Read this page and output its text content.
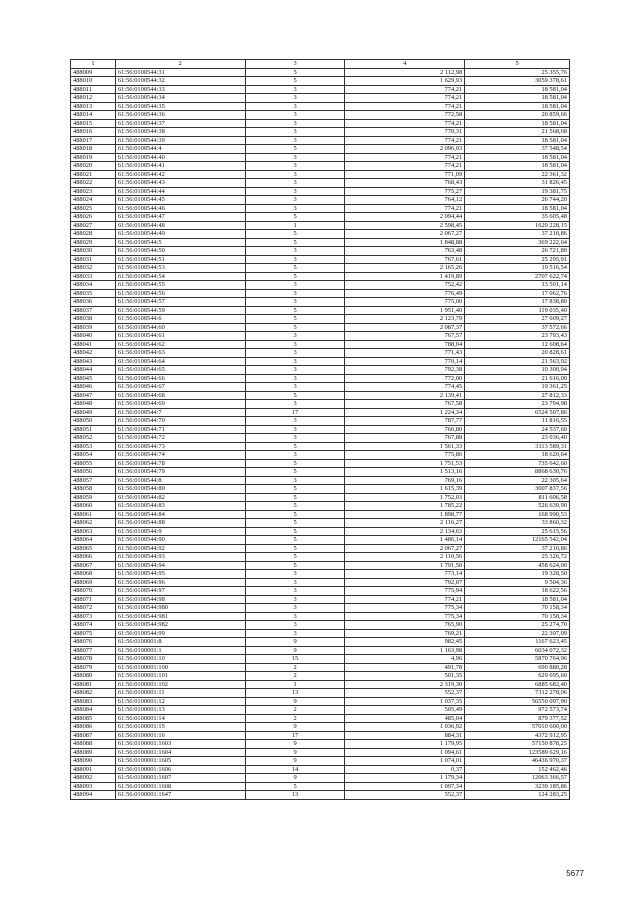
1	2	3	4	5
488009	61:56:0100544:31	5	2 112,98	25 355,76
488010	61:56:0100544:32	5	1 629,93	3059 378,61
488011	61:56:0100544:33	3	774,21	18 581,04
488012	61:56:0100544:34	3	774,21	18 581,04
488013	61:56:0100544:35	3	774,21	18 581,04
488014	61:56:0100544:36	3	772,58	20 859,66
488015	61:56:0100544:37	3	774,21	18 581,04
488016	61:56:0100544:38	3	770,31	21 568,68
488017	61:56:0100544:39	3	774,21	18 581,04
488018	61:56:0100544:4	5	2 096,03	37 548,54
488019	61:56:0100544:40	3	774,21	18 581,04
488020	61:56:0100544:41	3	774,21	18 581,04
488021	61:56:0100544:42	3	771,09	22 361,32
488022	61:56:0100544:43	3	768,43	31 826,45
488023	61:56:0100544:44	3	775,27	19 381,75
488024	61:56:0100544:45	3	764,12	26 744,20
488025	61:56:0100544:46	3	774,21	18 581,04
488026	61:56:0100544:47	5	2 094,44	35 605,48
488027	61:56:0100544:48	1	2 598,45	1629 228,15
488028	61:56:0100544:49	5	2 067,27	37 210,86
488029	61:56:0100544:5	5	1 848,88	369 222,64
488030	61:56:0100544:50	3	763,48	26 721,80
488031	61:56:0100544:51	3	767,61	25 295,91
488032	61:56:0100544:53	5	2 165,26	19 516,54
488033	61:56:0100544:54	5	1 419,89	2707 622,74
488034	61:56:0100544:55	3	752,42	13 501,14
488035	61:56:0100544:56	3	776,49	17 062,76
488036	61:56:0100544:57	3	775,00	17 838,80
488037	61:56:0100544:59	5	1 951,40	119 035,40
488038	61:56:0100544:6	5	2 123,79	27 609,27
488039	61:56:0100544:60	5	2 087,37	37 572,66
488040	61:56:0100544:61	3	767,57	23 793,43
488041	61:56:0100544:62	3	788,04	12 608,64
488042	61:56:0100544:63	3	771,43	20 828,61
488043	61:56:0100544:64	3	770,14	21 563,92
488044	61:56:0100544:65	3	792,38	10 300,94
488045	61:56:0100544:66	3	772,00	21 616,00
488046	61:56:0100544:67	3	774,45	19 361,25
488047	61:56:0100544:68	5	2 139,41	27 812,33
488048	61:56:0100544:69	3	767,58	23 794,98
488049	61:56:0100544:7	17	1 224,34	6524 507,86
488050	61:56:0100544:70	3	787,77	11 816,55
488051	61:56:0100544:71	3	766,80	24 537,60
488052	61:56:0100544:72	3	767,88	23 036,40
488053	61:56:0100544:73	5	1 561,33	3113 589,31
488054	61:56:0100544:74	3	775,86	18 620,64
488055	61:56:0100544:78	5	1 751,53	735 642,60
488056	61:56:0100544:79	5	1 513,16	8868 630,76
488057	61:56:0100544:8	3	769,16	22 305,64
488058	61:56:0100544:80	5	1 615,39	3007 837,56
488059	61:56:0100544:82	5	1 752,03	811 606,58
488060	61:56:0100544:83	5	1 785,22	526 639,90
488061	61:56:0100544:84	5	1 898,77	168 990,53
488062	61:56:0100544:88	5	2 116,27	33 860,32
488063	61:56:0100544:9	5	2 134,63	25 615,56
488064	61:56:0100544:90	5	1 486,14	12165 542,04
488065	61:56:0100544:92	5	2 067,27	37 210,86
488066	61:56:0100544:93	5	2 110,56	25 326,72
488067	61:56:0100544:94	5	1 791,50	458 624,00
488068	61:56:0100544:95	3	773,14	19 328,50
488069	61:56:0100544:96	3	792,07	9 504,36
488070	61:56:0100544:97	3	775,94	18 622,56
488071	61:56:0100544:98	3	774,21	18 581,04
488072	61:56:0100544:980	3	775,34	70 158,34
488073	61:56:0100544:981	3	775,34	70 158,34
488074	61:56:0100544:982	3	765,90	25 274,70
488075	61:56:0100544:99	3	769,21	22 307,09
488076	61:56:0100001:8	9	982,45	1167 623,45
488077	61:56:0100001:1	9	1 163,98	6034 072,32
488078	61:56:0100001:10	15	4,96	5870 764,96
488079	61:56:0100001:100	2	491,78	690 880,28
488080	61:56:0100001:101	2	501,35	629 695,60
488081	61:56:0100001:102	1	2 319,30	6885 682,40
488082	61:56:0100001:11	13	552,37	7312 278,06
488083	61:56:0100001:12	9	1 037,35	56550 097,90
488084	61:56:0100001:13	2	505,49	972 573,74
488085	61:56:0100001:14	2	485,04	879 377,52
488086	61:56:0100001:15	9	1 036,92	57010 600,00
488087	61:56:0100001:16	17	884,31	4372 912,95
488088	61:56:0100001:1603	9	1 179,95	57150 878,25
488089	61:56:0100001:1604	9	1 094,61	123589 629,16
488090	61:56:0100001:1605	9	1 074,01	46436 970,37
488091	61:56:0100001:1606	14	0,37	152 462,46
488092	61:56:0100001:1607	9	1 179,34	12063 366,57
488093	61:56:0100001:1608	5	1 097,34	3239 185,86
488094	61:56:0100001:1647	13	552,37	124 283,25
5677
